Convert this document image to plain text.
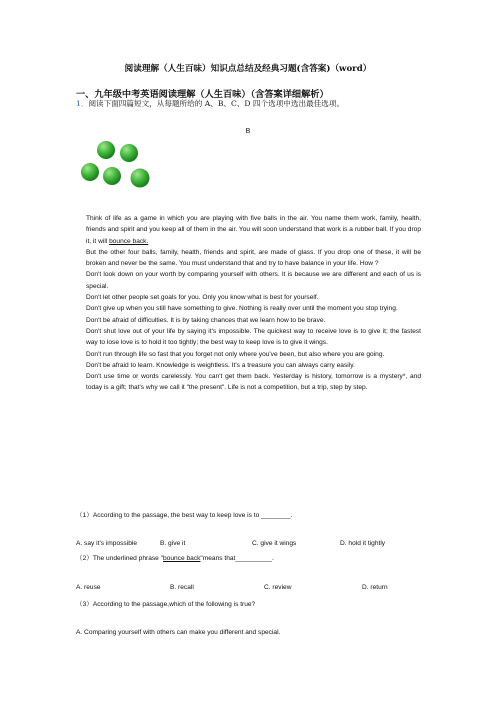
阅读理解（人生百味）知识点总结及经典习题(含答案)（word）
一、九年级中考英语阅读理解（人生百味）（含答案详细解析）
1．阅读下面四篇短文，从每题所给的 A、B、C、D 四个选项中选出最佳选项。
B

Think of life as a game in which you are playing with five balls in the air. You name them work, family, health, friends and spirit and you keep all of them in the air. You will soon understand that work is a rubber ball. If you drop it, it will bounce back.

But the other four balls, family, health, friends and spirit, are made of glass. If you drop one of these, it will be broken and never be the same. You must understand that and try to have balance in your life. How ?

Don't look down on your worth by comparing yourself with others. It is because we are different and each of us is special.

Don't let other people set goals for you. Only you know what is best for yourself.

Don't give up when you still have something to give. Nothing is really over until the moment you stop trying.

Don't be afraid of difficulties. It is by taking chances that we learn how to be brave.

Don't shut love out of your life by saying it's impossible. The quickest way to receive love is to give it; the fastest way to lose love is to hold it too tightly; the best way to keep love is to give it wings.

Don't run through life so fast that you forget not only where you've been, but also where you are going.

Don't be afraid to learn. Knowledge is weightless. It's a treasure you can always carry easily.

Don't use time or words carelessly. You can't get them back. Yesterday is history, tomorrow is a mystery*, and today is a gift; that's why we call it "the present". Life is not a competition, but a trip, step by step.

（1）According to the passage, the best way to keep love is to ________.
A. say it's impossible	B. give it	C. give it wings	D. hold it tightly
（2）The underlined phrase "bounce back"means that__________.
A. reuse	B. recall	C. review	D. return
（3）According to the passage,which of the following is true?
A. Comparing yourself with others can make you different and special.
